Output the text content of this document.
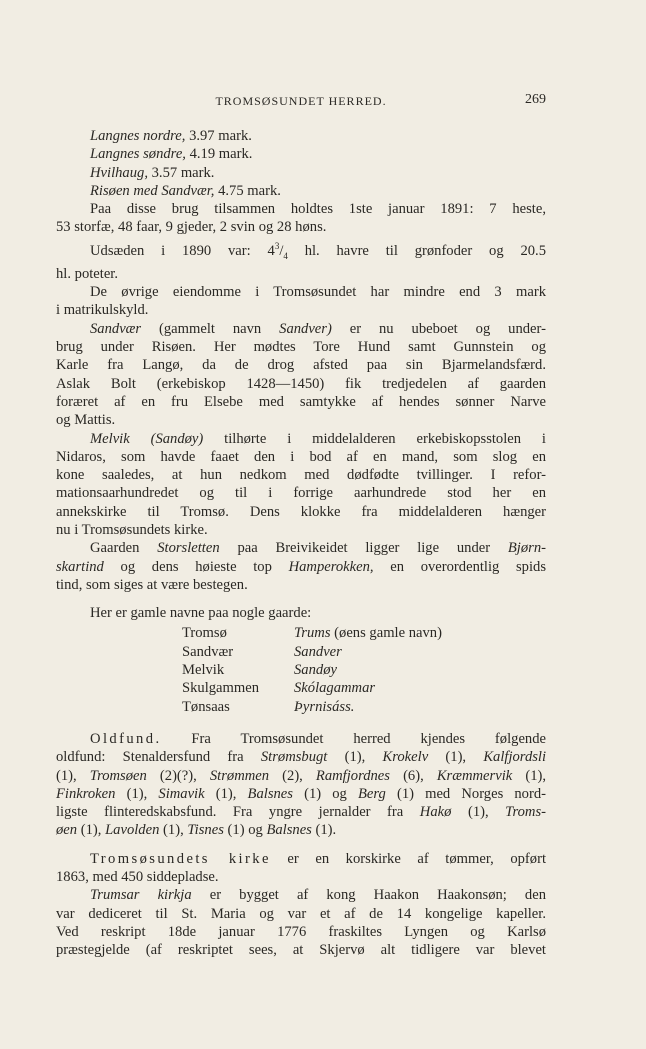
TROMSØSUNDET HERRED.	269

Langnes nordre, 3.97 mark.

Langnes søndre, 4.19 mark.

Hvilhaug, 3.57 mark.

Risøen med Sandvær, 4.75 mark.

Paa disse brug tilsammen holdtes 1ste januar 1891: 7 heste,

53 storfæ, 48 faar, 9 gjeder, 2 svin og 28 høns.

Udsæden i 1890 var: $4^3/_4$ hl. havre til grønfoder og 20.5

hl. poteter.

De øvrige eiendomme i Tromsøsundet har mindre end 3 mark

i matrikulskyld.

Sandvær (gammelt navn Sandver) er nu ubeboet og under-

brug under Risøen. Her mødtes Tore Hund samt Gunnstein og

Karle fra Langø, da de drog afsted paa sin Bjarmelandsfærd.

Aslak Bolt (erkebiskop 1428—1450) fik tredjedelen af gaarden

foræret af en fru Elsebe med samtykke af hendes sønner Narve

og Mattis.

Melvik (Sandøy) tilhørte i middelalderen erkebiskopsstolen i

Nidaros, som havde faaet den i bod af en mand, som slog en

kone saaledes, at hun nedkom med dødfødte tvillinger. I refor-

mationsaarhundredet og til i forrige aarhundrede stod her en

annekskirke til Tromsø. Dens klokke fra middelalderen hænger

nu i Tromsøsundets kirke.

Gaarden Storsletten paa Breivikeidet ligger lige under Bjørn-

skartind og dens høieste top Hamperokken, en overordentlig spids

tind, som siges at være bestegen.

Her er gamle navne paa nogle gaarde:

Tromsø	Trums (øens gamle navn)
Sandvær	Sandver
Melvik	Sandøy
Skulgammen	Skólagammar
Tønsaas	Þyrnisáss.

Oldfund. Fra Tromsøsundet herred kjendes følgende

oldfund: Stenaldersfund fra Strømsbugt (1), Krokelv (1), Kalfjordsli

(1), Tromsøen (2)(?), Strømmen (2), Ramfjordnes (6), Kræmmervik (1),

Finkroken (1), Simavik (1), Balsnes (1) og Berg (1) med Norges nord-

ligste flinteredskabsfund. Fra yngre jernalder fra Hakø (1), Troms-

øen (1), Lavolden (1), Tisnes (1) og Balsnes (1).

Tromsøsundets kirke er en korskirke af tømmer, opført

1863, med 450 siddepladse.

Trumsar kirkja er bygget af kong Haakon Haakonsøn; den

var dediceret til St. Maria og var et af de 14 kongelige kapeller.

Ved reskript 18de januar 1776 fraskiltes Lyngen og Karlsø

præstegjelde (af reskriptet sees, at Skjervø alt tidligere var blevet
